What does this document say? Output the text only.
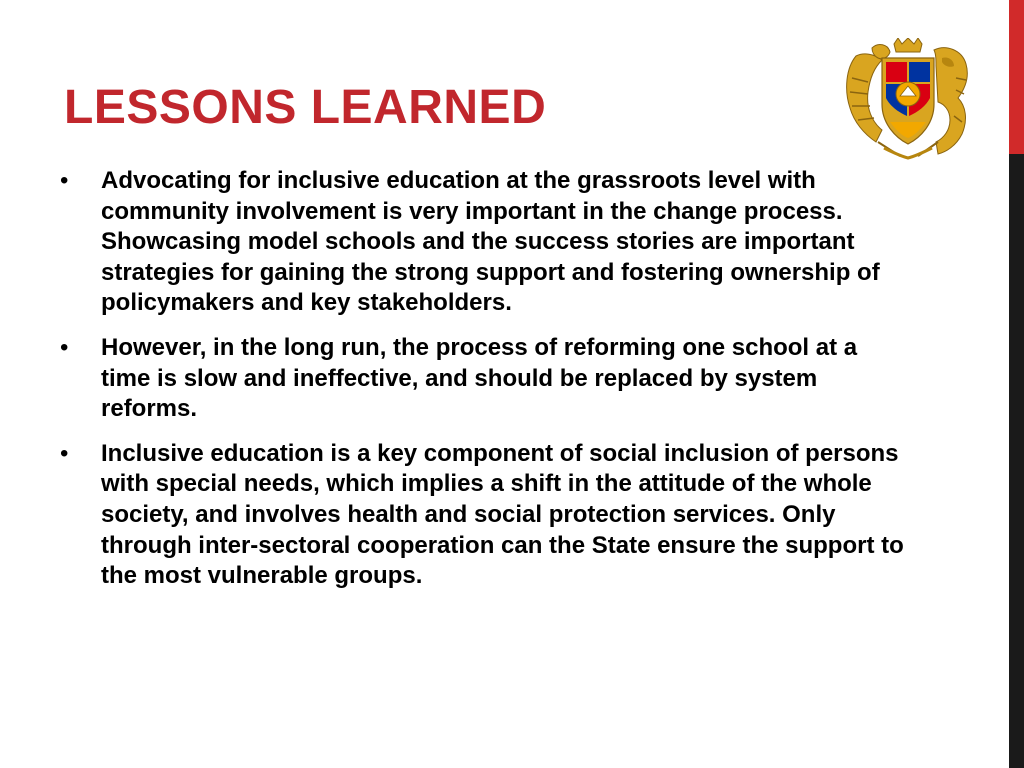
LESSONS LEARNED
• Advocating for inclusive education at the grassroots level with community involvement is very important in the change process. Showcasing model schools and the success stories are important strategies for gaining the strong support and fostering ownership of policymakers and key stakeholders.
• However, in the long run, the process of reforming one school at a time is slow and ineffective, and should be replaced by system reforms.
• Inclusive education is a key component of social inclusion of persons with special needs, which implies a shift in the attitude of the whole society, and involves health and social protection services. Only through inter-sectoral cooperation can the State ensure the support to the most vulnerable groups.
